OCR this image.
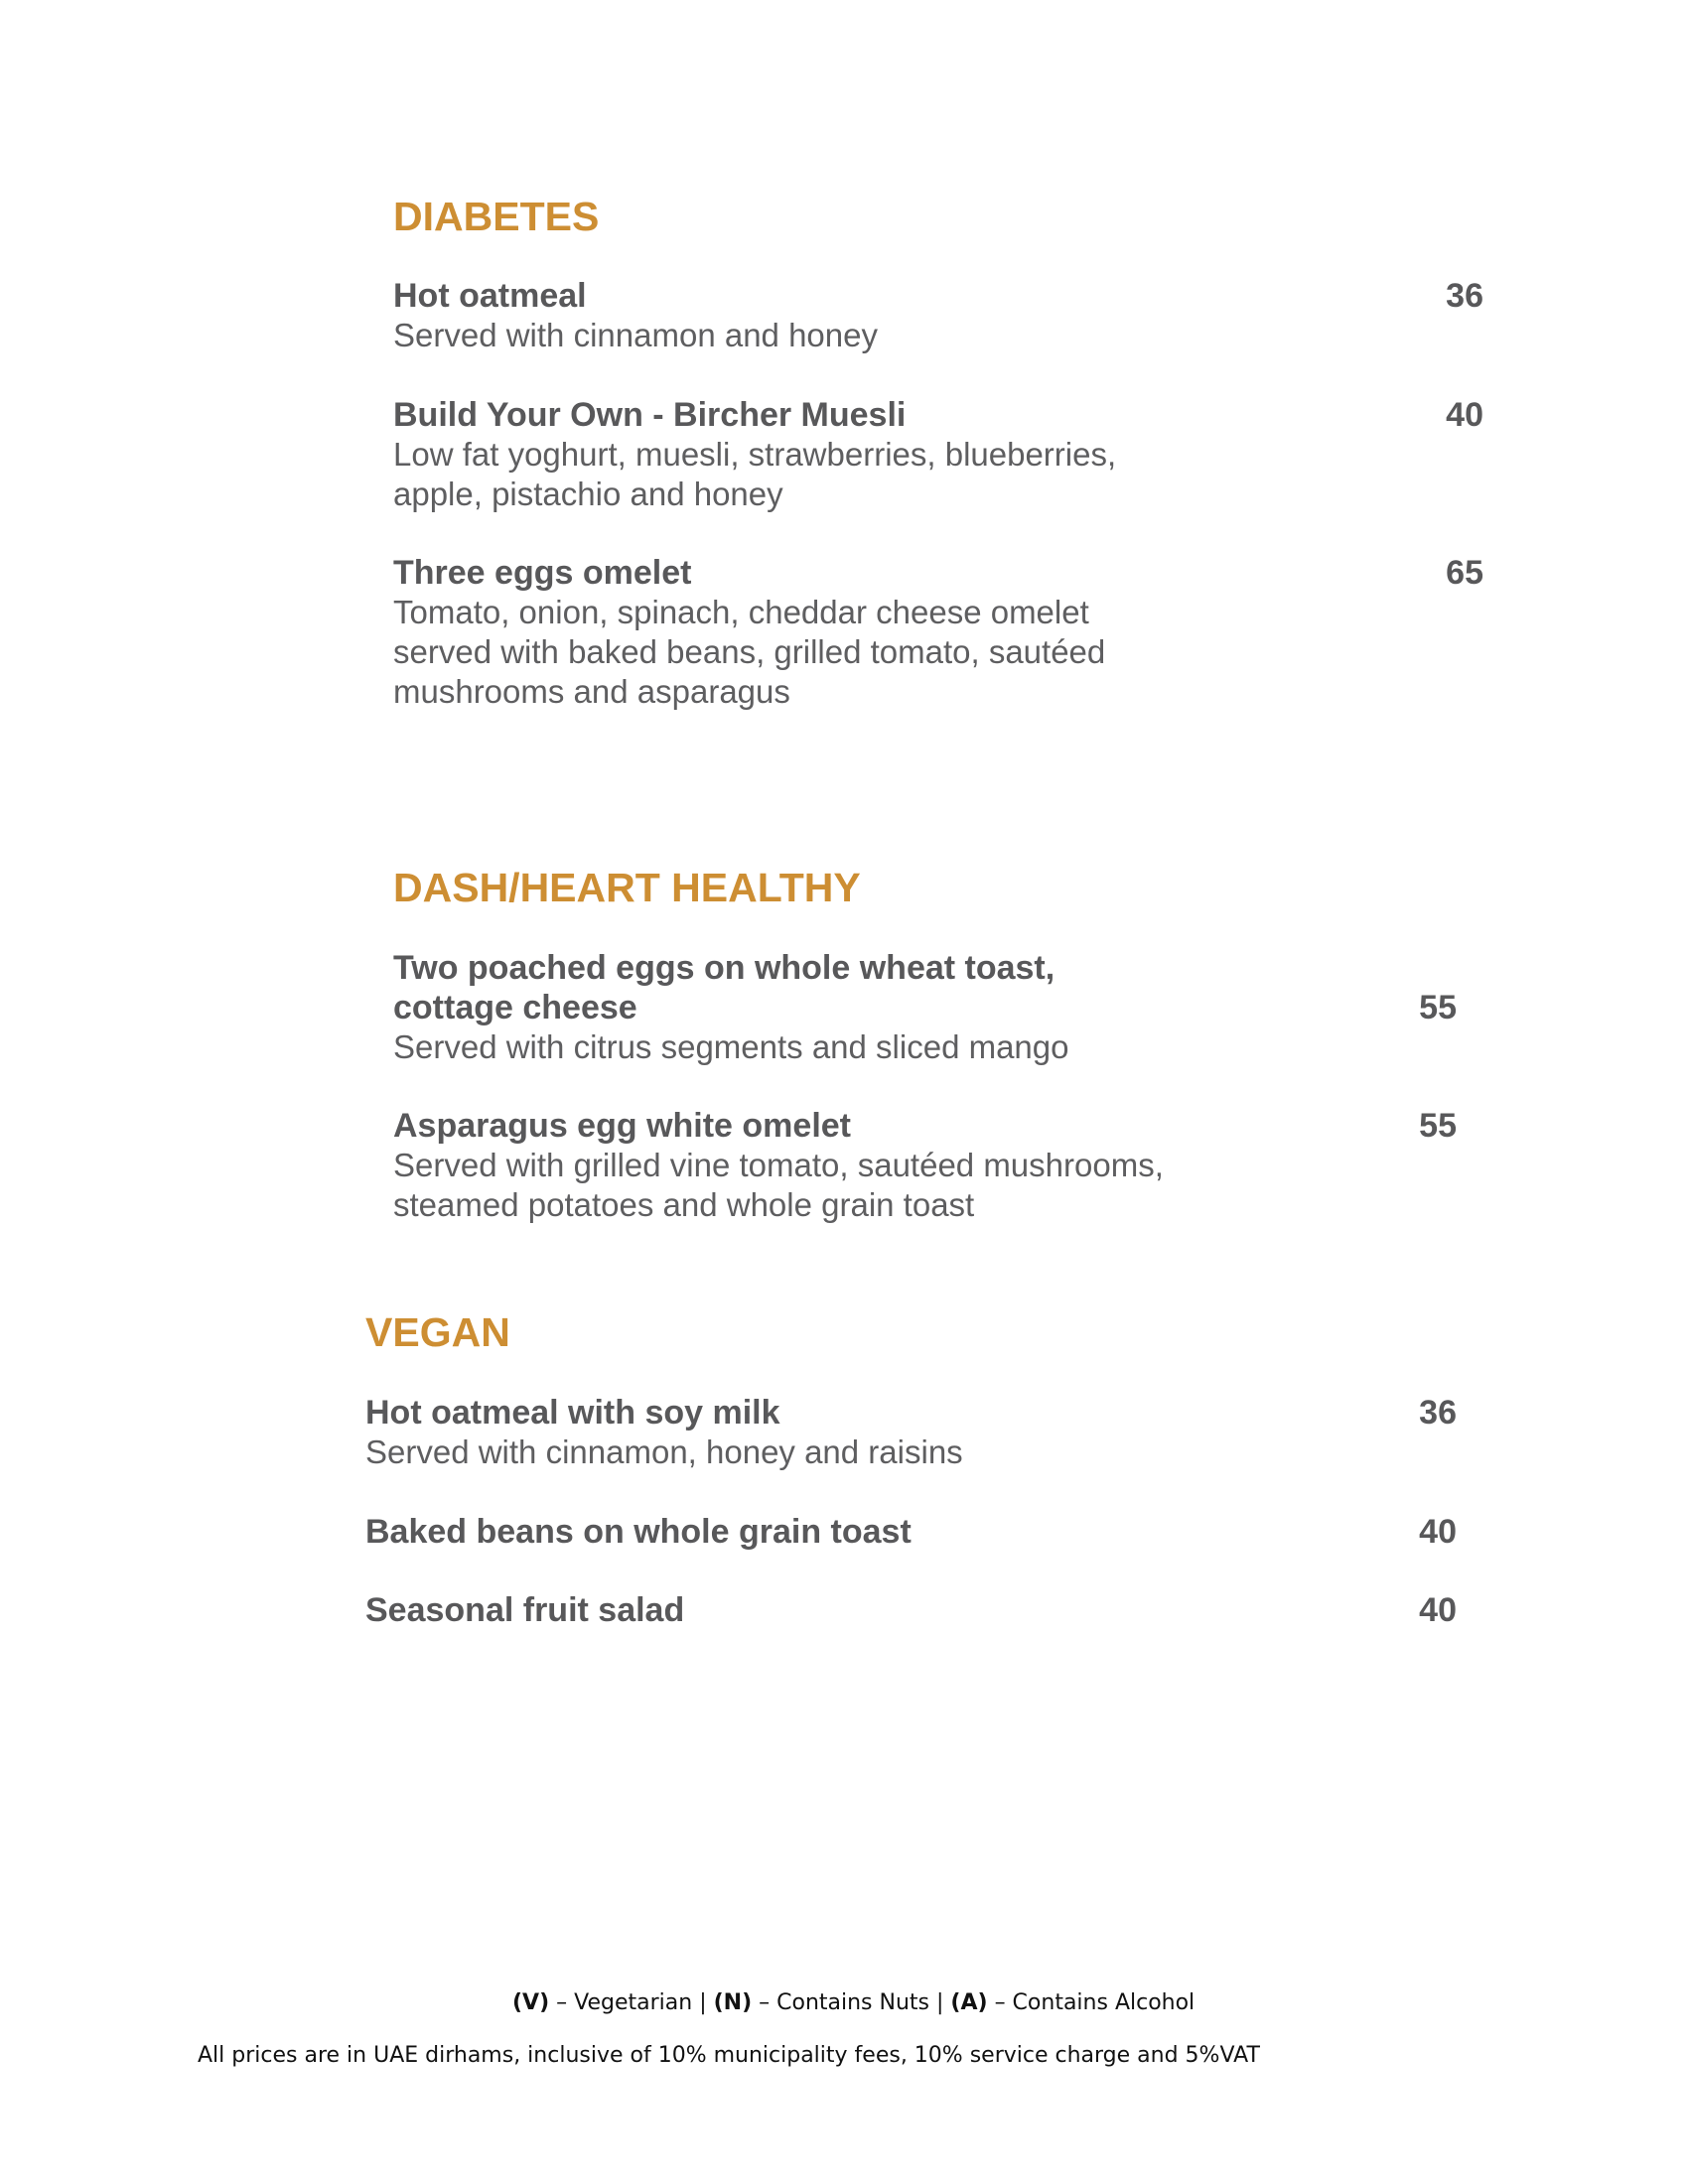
DIABETES
Hot oatmeal
Served with cinnamon and honey
36
Build Your Own - Bircher Muesli
Low fat yoghurt, muesli, strawberries, blueberries,
apple, pistachio and honey
40
Three eggs omelet
Tomato, onion, spinach, cheddar cheese omelet
served with baked beans, grilled tomato, sautéed
mushrooms and asparagus
65
DASH/HEART HEALTHY
Two poached eggs on whole wheat toast,
cottage cheese
Served with citrus segments and sliced mango
55
Asparagus egg white omelet
Served with grilled vine tomato, sautéed mushrooms,
steamed potatoes and whole grain toast
55
VEGAN
Hot oatmeal with soy milk
Served with cinnamon, honey and raisins
36
Baked beans on whole grain toast	40
Seasonal fruit salad	40
(V) – Vegetarian | (N) – Contains Nuts | (A) – Contains Alcohol
All prices are in UAE dirhams, inclusive of 10% municipality fees, 10% service charge and 5%VAT
